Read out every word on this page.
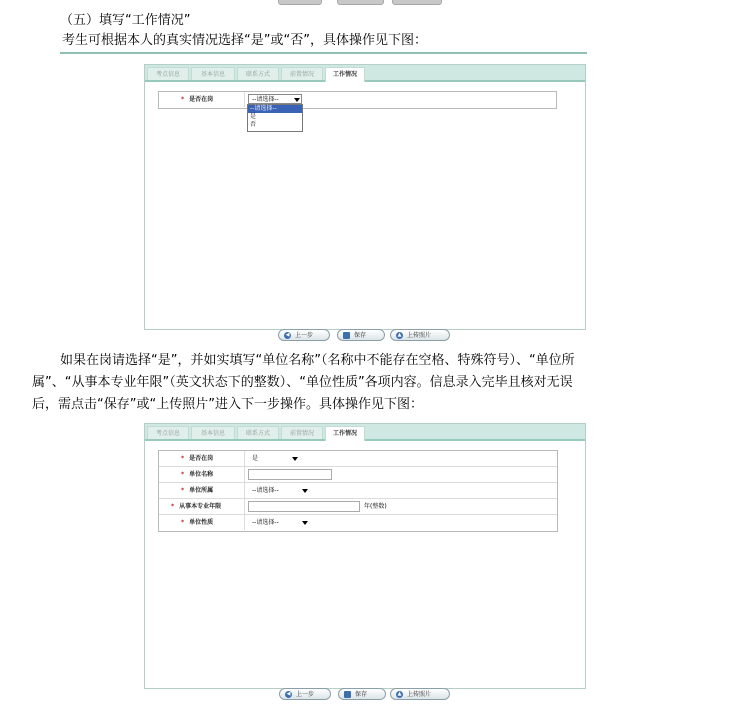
（五）填写“工作情况”
考生可根据本人的真实情况选择“是”或“否”，具体操作见下图：
考点信息	基本信息	联系方式	前置情况	工作情况
* 是否在岗	--请选择--
--请选择--
是
否
◀ 上一步	保存	▲ 上传照片
如果在岗请选择“是”，并如实填写“单位名称”（名称中不能存在空格、特殊符号）、“单位所
属”、“从事本专业年限”（英文状态下的整数）、“单位性质”各项内容。信息录入完毕且核对无误
后，需点击“保存”或“上传照片”进入下一步操作。具体操作见下图：
考点信息	基本信息	联系方式	前置情况	工作情况
* 是否在岗	是
* 单位名称
* 单位所属	--请选择--
* 从事本专业年限	年(整数)
* 单位性质	--请选择--
◀ 上一步	保存	▲ 上传照片
